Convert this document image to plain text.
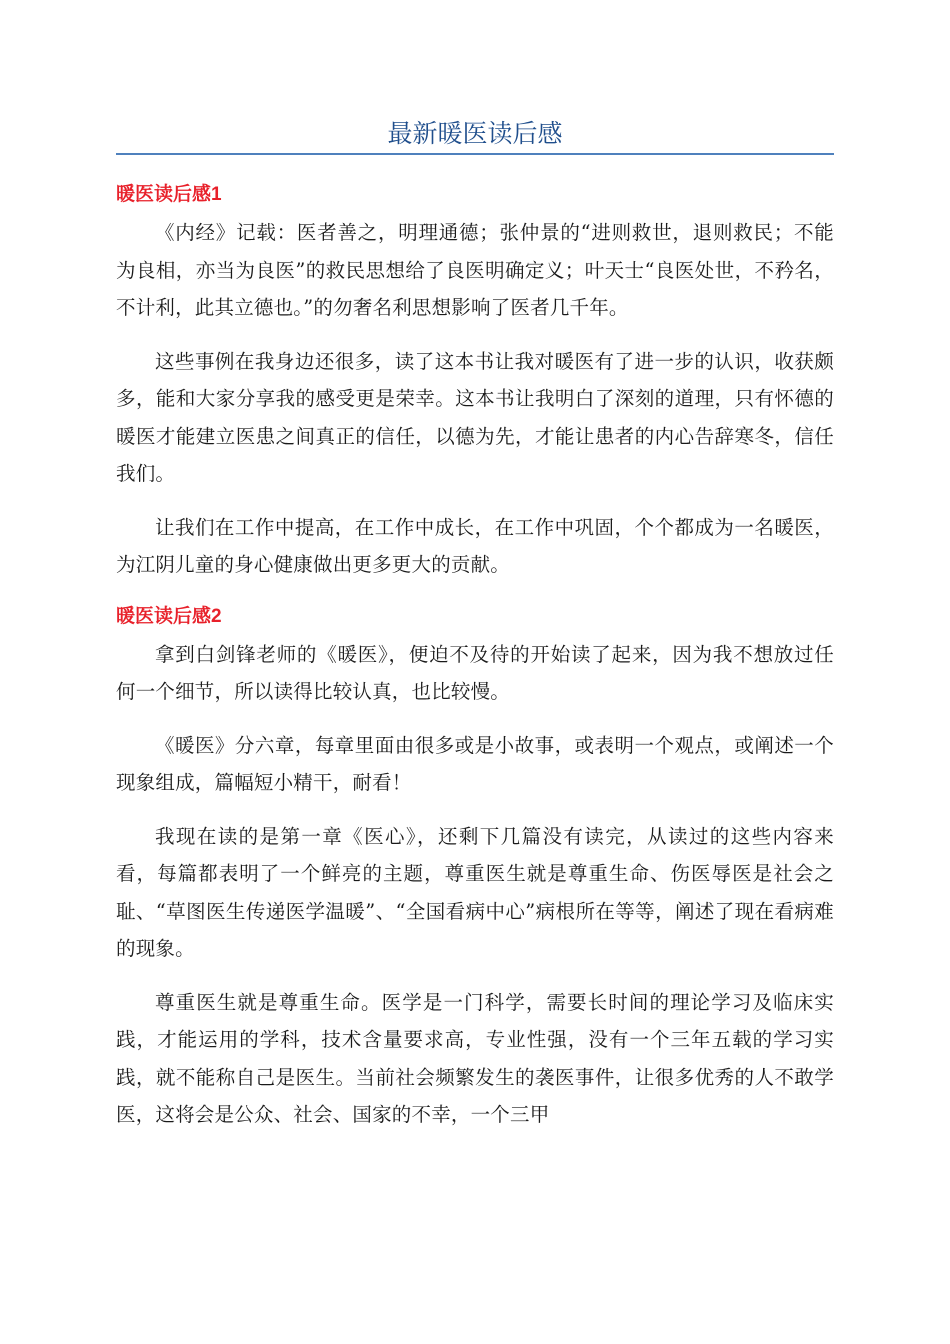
最新暖医读后感
暖医读后感1

《内经》记载：医者善之，明理通德；张仲景的“进则救世，退则救民；不能为良相，亦当为良医”的救民思想给了良医明确定义；叶天士“良医处世，不矜名，不计利，此其立德也。”的勿奢名利思想影响了医者几千年。

这些事例在我身边还很多，读了这本书让我对暖医有了进一步的认识，收获颇多，能和大家分享我的感受更是荣幸。这本书让我明白了深刻的道理，只有怀德的暖医才能建立医患之间真正的信任，以德为先，才能让患者的内心告辞寒冬，信任我们。

让我们在工作中提高，在工作中成长，在工作中巩固，个个都成为一名暖医，为江阴儿童的身心健康做出更多更大的贡献。

暖医读后感2

拿到白剑锋老师的《暖医》，便迫不及待的开始读了起来，因为我不想放过任何一个细节，所以读得比较认真，也比较慢。

《暖医》分六章，每章里面由很多或是小故事，或表明一个观点，或阐述一个现象组成，篇幅短小精干，耐看！

我现在读的是第一章《医心》，还剩下几篇没有读完，从读过的这些内容来看，每篇都表明了一个鲜亮的主题，尊重医生就是尊重生命、伤医辱医是社会之耻、“草图医生传递医学温暖”、“全国看病中心”病根所在等等，阐述了现在看病难的现象。

尊重医生就是尊重生命。医学是一门科学，需要长时间的理论学习及临床实践，才能运用的学科，技术含量要求高，专业性强，没有一个三年五载的学习实践，就不能称自己是医生。当前社会频繁发生的袭医事件，让很多优秀的人不敢学医，这将会是公众、社会、国家的不幸，一个三甲
